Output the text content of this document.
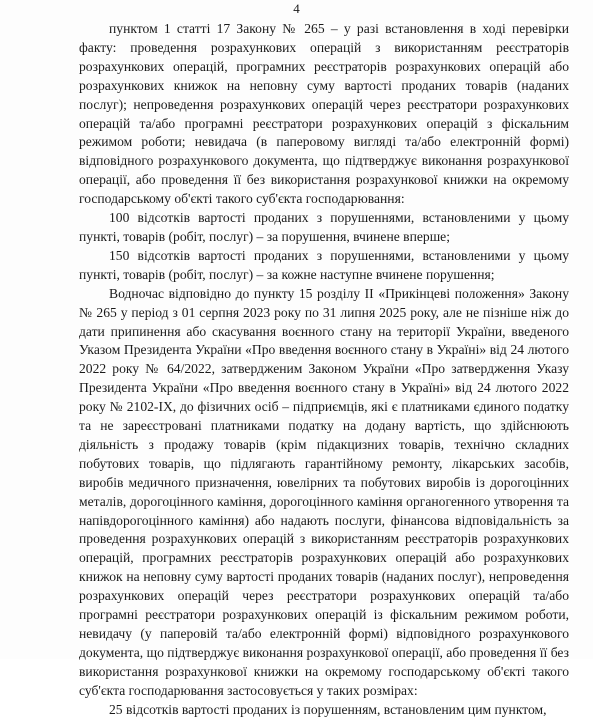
4

пунктом 1 статті 17 Закону № 265 – у разі встановлення в ході перевірки факту: проведення розрахункових операцій з використанням реєстраторів розрахункових операцій, програмних реєстраторів розрахункових операцій або розрахункових книжок на неповну суму вартості проданих товарів (наданих послуг); непроведення розрахункових операцій через реєстратори розрахункових операцій та/або програмні реєстратори розрахункових операцій з фіскальним режимом роботи; невидача (в паперовому вигляді та/або електронній формі) відповідного розрахункового документа, що підтверджує виконання розрахункової операції, або проведення її без використання розрахункової книжки на окремому господарському об'єкті такого суб'єкта господарювання:

100 відсотків вартості проданих з порушеннями, встановленими у цьому пункті, товарів (робіт, послуг) – за порушення, вчинене вперше;

150 відсотків вартості проданих з порушеннями, встановленими у цьому пункті, товарів (робіт, послуг) – за кожне наступне вчинене порушення;

Водночас відповідно до пункту 15 розділу ІІ «Прикінцеві положення» Закону № 265 у період з 01 серпня 2023 року по 31 липня 2025 року, але не пізніше ніж до дати припинення або скасування воєнного стану на території України, введеного Указом Президента України «Про введення воєнного стану в Україні» від 24 лютого 2022 року № 64/2022, затвердженим Законом України «Про затвердження Указу Президента України «Про введення воєнного стану в Україні» від 24 лютого 2022 року № 2102-IX, до фізичних осіб – підприємців, які є платниками єдиного податку та не зареєстровані платниками податку на додану вартість, що здійснюють діяльність з продажу товарів (крім підакцизних товарів, технічно складних побутових товарів, що підлягають гарантійному ремонту, лікарських засобів, виробів медичного призначення, ювелірних та побутових виробів із дорогоцінних металів, дорогоцінного каміння, дорогоцінного каміння органогенного утворення та напівдорогоцінного каміння) або надають послуги, фінансова відповідальність за проведення розрахункових операцій з використанням реєстраторів розрахункових операцій, програмних реєстраторів розрахункових операцій або розрахункових книжок на неповну суму вартості проданих товарів (наданих послуг), непроведення розрахункових операцій через реєстратори розрахункових операцій та/або програмні реєстратори розрахункових операцій із фіскальним режимом роботи, невидачу (у паперовій та/або електронній формі) відповідного розрахункового документа, що підтверджує виконання розрахункової операції, або проведення її без використання розрахункової книжки на окремому господарському об'єкті такого суб'єкта господарювання застосовується у таких розмірах:

25 відсотків вартості проданих із порушенням, встановленим цим пунктом,
